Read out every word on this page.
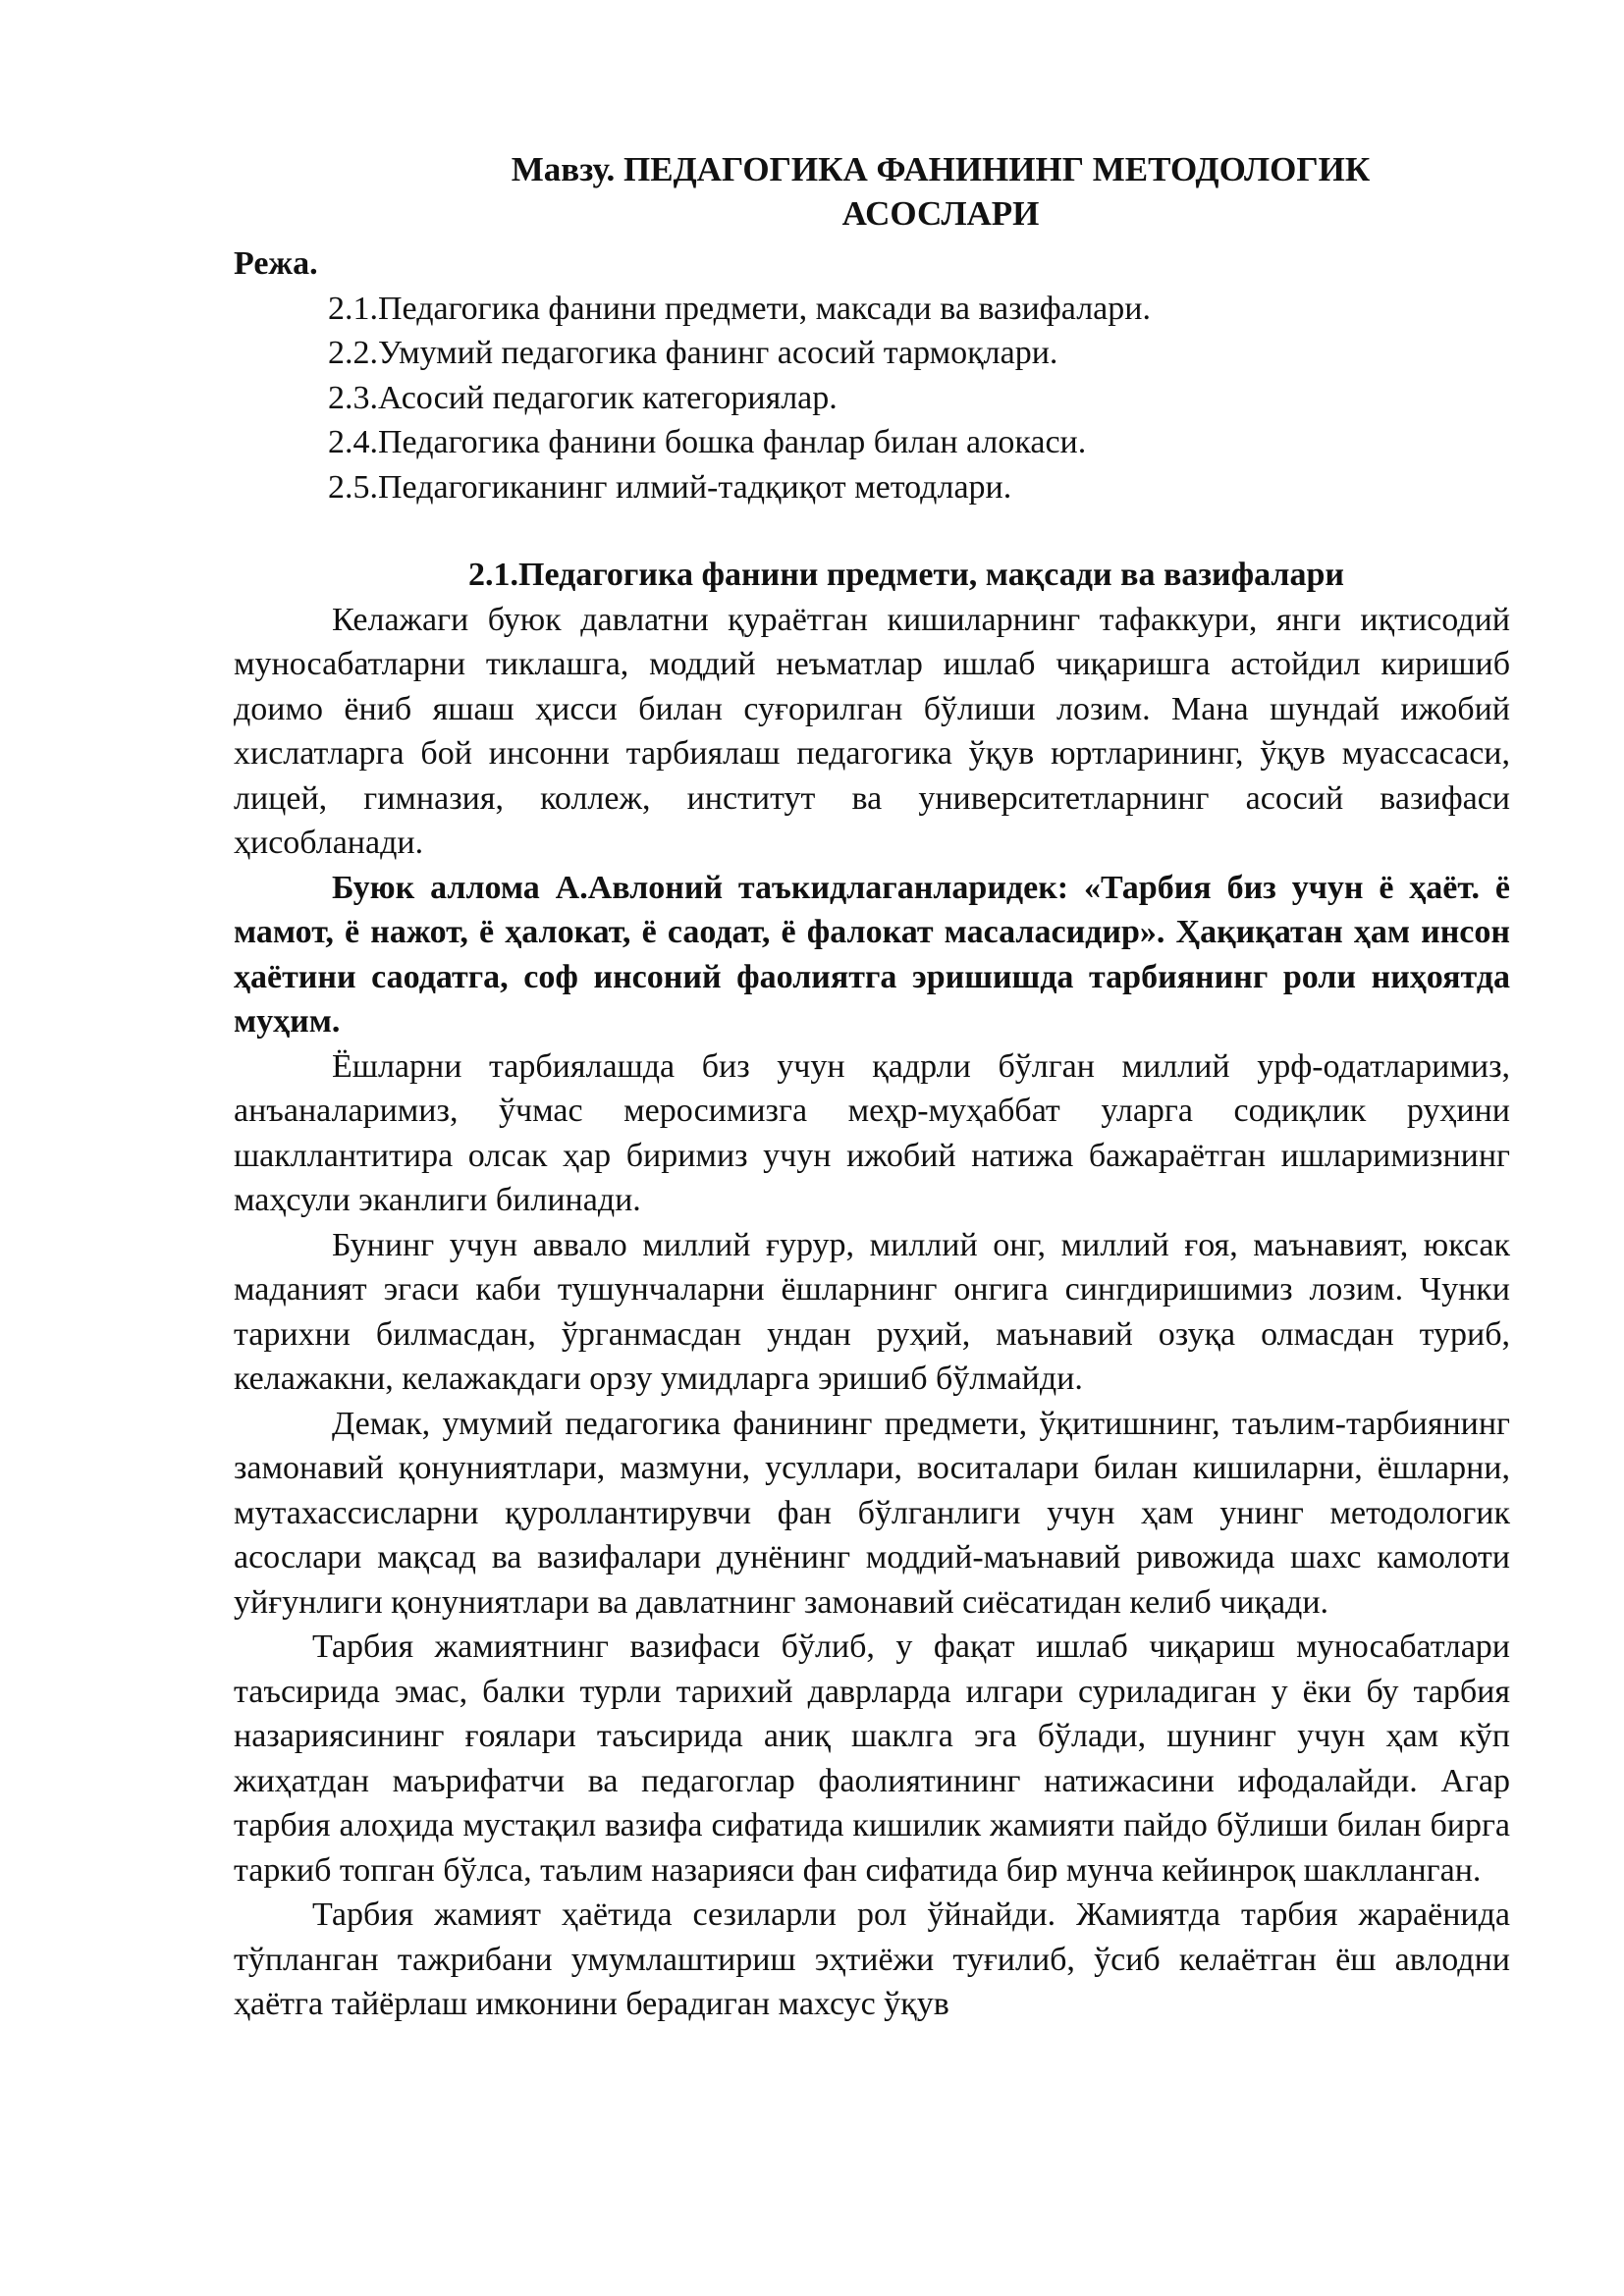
Мавзу. ПЕДАГОГИКА ФАНИНИНГ МЕТОДОЛОГИК
АСОСЛАРИ
Режа.
2.1.Педагогика фанини предмети, максади ва вазифалари.
2.2.Умумий педагогика фанинг асосий тармоқлари.
2.3.Асосий педагогик категориялар.
2.4.Педагогика фанини бошка фанлар билан алокаси.
2.5.Педагогиканинг илмий-тадқиқот методлари.
2.1.Педагогика фанини предмети, мақсади ва вазифалари

Келажаги буюк давлатни қураётган кишиларнинг тафаккури, янги иқтисодий муносабатларни тиклашга, моддий неъматлар ишлаб чиқаришга астойдил киришиб доимо ёниб яшаш ҳисси билан суғорилган бўлиши лозим. Мана шундай ижобий хислатларга бой инсонни тарбиялаш педагогика ўқув юртларининг, ўқув муассасаси, лицей, гимназия, коллеж, институт ва университетларнинг асосий вазифаси ҳисобланади.

Буюк аллома А.Авлоний таъкидлаганларидек: «Тарбия биз учун ё ҳаёт. ё мамот, ё нажот, ё ҳалокат, ё саодат, ё фалокат масаласидир». Ҳақиқатан ҳам инсон ҳаётини саодатга, соф инсоний фаолиятга эришишда тарбиянинг роли ниҳоятда муҳим.

Ёшларни тарбиялашда биз учун қадрли бўлган миллий урф-одатларимиз, анъаналаримиз, ўчмас меросимизга меҳр-муҳаббат уларга содиқлик руҳини шакллантитира олсак ҳар биримиз учун ижобий натижа бажараётган ишларимизнинг маҳсули эканлиги билинади.

Бунинг учун аввало миллий ғурур, миллий онг, миллий ғоя, маънавият, юксак маданият эгаси каби тушунчаларни ёшларнинг онгига сингдиришимиз лозим. Чунки тарихни билмасдан, ўрганмасдан ундан руҳий, маънавий озуқа олмасдан туриб, келажакни, келажакдаги орзу умидларга эришиб бўлмайди.

Демак, умумий педагогика фанининг предмети, ўқитишнинг, таълим-тарбиянинг замонавий қонуниятлари, мазмуни, усуллари, воситалари билан кишиларни, ёшларни, мутахассисларни қуроллантирувчи фан бўлганлиги учун ҳам унинг методологик асослари мақсад ва вазифалари дунёнинг моддий-маънавий ривожида шахс камолоти уйғунлиги қонуниятлари ва давлатнинг замонавий сиёсатидан келиб чиқади.

Тарбия жамиятнинг вазифаси бўлиб, у фақат ишлаб чиқариш муносабатлари таъсирида эмас, балки турли тарихий даврларда илгари суриладиган у ёки бу тарбия назариясининг ғоялари таъсирида аниқ шаклга эга бўлади, шунинг учун ҳам кўп жиҳатдан маърифатчи ва педагоглар фаолиятининг натижасини ифодалайди. Агар тарбия алоҳида мустақил вазифа сифатида кишилик жамияти пайдо бўлиши билан бирга таркиб топган бўлса, таълим назарияси фан сифатида бир мунча кейинроқ шаклланган.

Тарбия жамият ҳаётида сезиларли рол ўйнайди. Жамиятда тарбия жараёнида тўпланган тажрибани умумлаштириш эҳтиёжи туғилиб, ўсиб келаётган ёш авлодни ҳаётга тайёрлаш имконини берадиган махсус ўқув
